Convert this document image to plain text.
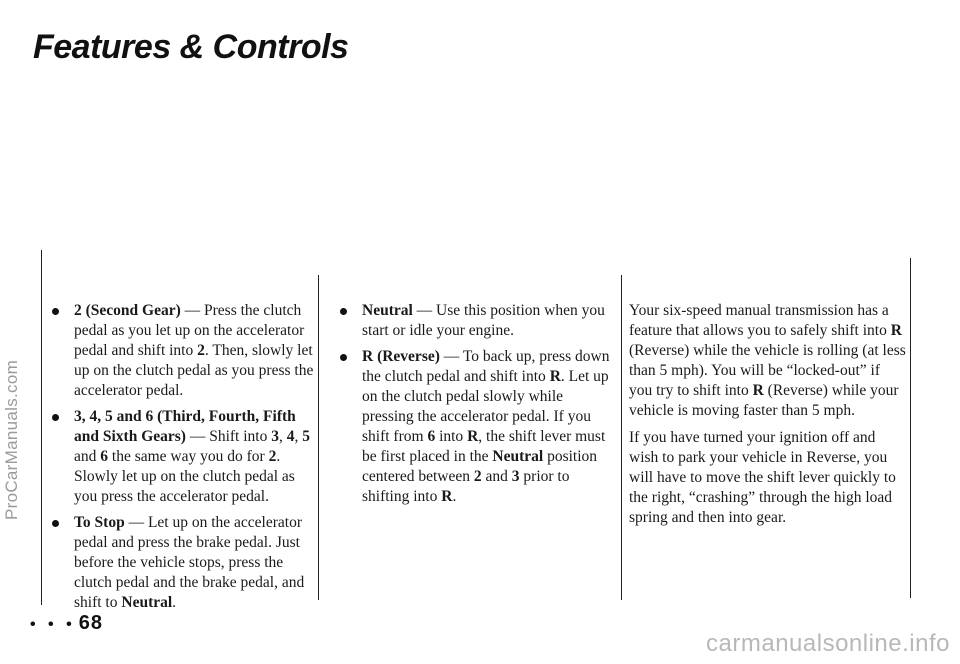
Features & Controls
ProCarManuals.com
2 (Second Gear) — Press the clutch pedal as you let up on the accelerator pedal and shift into 2. Then, slowly let up on the clutch pedal as you press the accelerator pedal.
3, 4, 5 and 6 (Third, Fourth, Fifth and Sixth Gears) — Shift into 3, 4, 5 and 6 the same way you do for 2. Slowly let up on the clutch pedal as you press the accelerator pedal.
To Stop — Let up on the accelerator pedal and press the brake pedal. Just before the vehicle stops, press the clutch pedal and the brake pedal, and shift to Neutral.
Neutral — Use this position when you start or idle your engine.
R (Reverse) — To back up, press down the clutch pedal and shift into R. Let up on the clutch pedal slowly while pressing the accelerator pedal. If you shift from 6 into R, the shift lever must be first placed in the Neutral position centered between 2 and 3 prior to shifting into R.

Your six-speed manual transmission has a feature that allows you to safely shift into R (Reverse) while the vehicle is rolling (at less than 5 mph). You will be “locked-out” if you try to shift into R (Reverse) while your vehicle is moving faster than 5 mph.

If you have turned your ignition off and wish to park your vehicle in Reverse, you will have to move the shift lever quickly to the right, “crashing” through the high load spring and then into gear.

• • • 68
carmanualsonline.info
